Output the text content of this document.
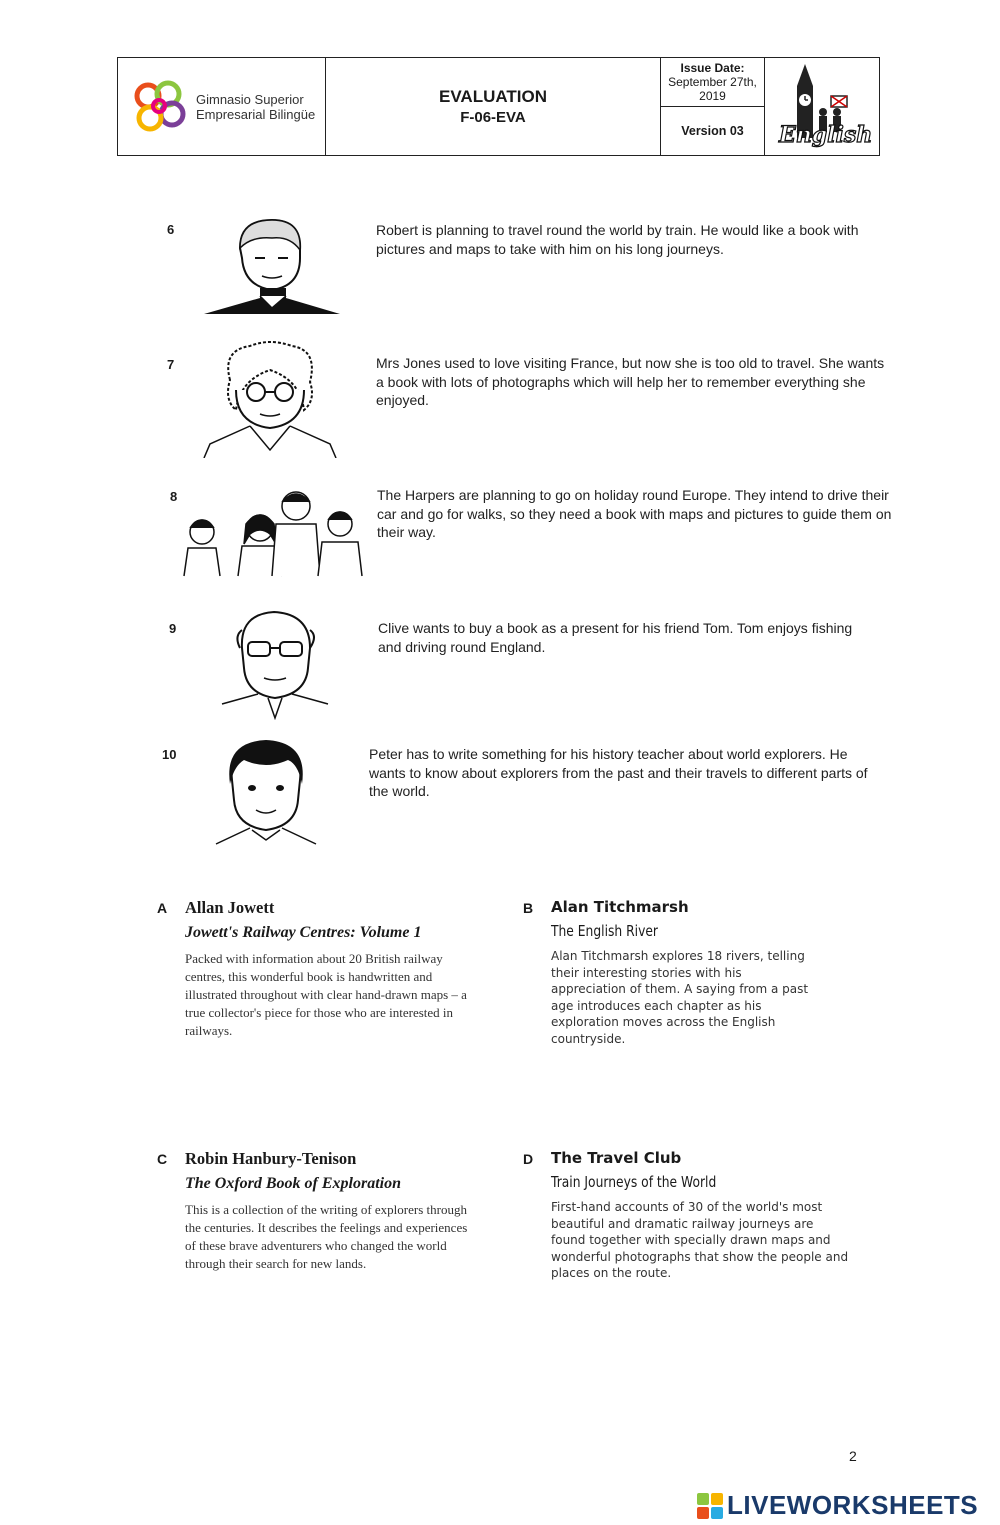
Gimnasio Superior
Empresarial Bilingüe
EVALUATION
F-06-EVA
Issue Date:
September 27th, 2019
Version 03	English
6	Robert is planning to travel round the world by train. He would like a book with pictures and maps to take with him on his long journeys.
7	Mrs Jones used to love visiting France, but now she is too old to travel. She wants a book with lots of photographs which will help her to remember everything she enjoyed.
8	The Harpers are planning to go on holiday round Europe. They intend to drive their car and go for walks, so they need a book with maps and pictures to guide them on their way.
9	Clive wants to buy a book as a present for his friend Tom. Tom enjoys fishing and driving round England.
10	Peter has to write something for his history teacher about world explorers. He wants to know about explorers from the past and their travels to different parts of the world.
A Allan Jowett
Jowett's Railway Centres: Volume 1
Packed with information about 20 British railway centres, this wonderful book is handwritten and illustrated throughout with clear hand-drawn maps – a true collector's piece for those who are interested in railways.
B Alan Titchmarsh
The English River
Alan Titchmarsh explores 18 rivers, telling their interesting stories with his appreciation of them. A saying from a past age introduces each chapter as his exploration moves across the English countryside.
C Robin Hanbury-Tenison
The Oxford Book of Exploration
This is a collection of the writing of explorers through the centuries. It describes the feelings and experiences of these brave adventurers who changed the world through their search for new lands.
D The Travel Club
Train Journeys of the World
First-hand accounts of 30 of the world's most beautiful and dramatic railway journeys are found together with specially drawn maps and wonderful photographs that show the people and places on the route.
2
LIVEWORKSHEETS
